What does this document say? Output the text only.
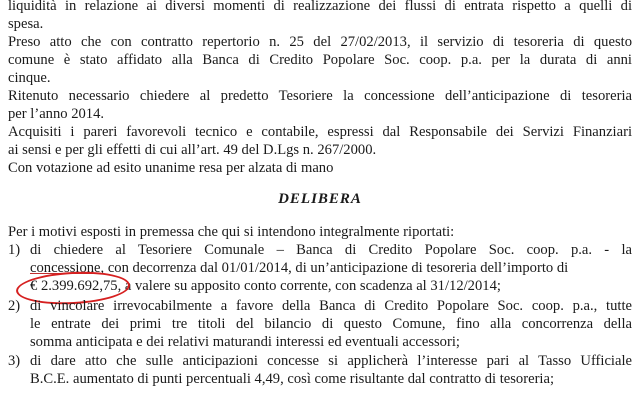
liquidità in relazione ai diversi momenti di realizzazione dei flussi di entrata rispetto a quelli di
spesa.
Preso atto che con contratto repertorio n. 25 del 27/02/2013, il servizio di tesoreria di questo
comune è stato affidato alla Banca di Credito Popolare Soc. coop. p.a. per la durata di anni
cinque.
Ritenuto necessario chiedere al predetto Tesoriere la concessione dell’anticipazione di tesoreria
per l’anno 2014.
Acquisiti i pareri favorevoli tecnico e contabile, espressi dal Responsabile dei Servizi Finanziari
ai sensi e per gli effetti di cui all’art. 49 del D.Lgs n. 267/2000.
Con votazione ad esito unanime resa per alzata di mano
DELIBERA
Per i motivi esposti in premessa che qui si intendono integralmente riportati:
1) di chiedere al Tesoriere Comunale – Banca di Credito Popolare Soc. coop. p.a. - la
concessione, con decorrenza dal 01/01/2014, di un’anticipazione di tesoreria dell’importo di
€ 2.399.692,75, a valere su apposito conto corrente, con scadenza al 31/12/2014;
2) di vincolare irrevocabilmente a favore della Banca di Credito Popolare Soc. coop. p.a., tutte
le entrate dei primi tre titoli del bilancio di questo Comune, fino alla concorrenza della
somma anticipata e dei relativi maturandi interessi ed eventuali accessori;
3) di dare atto che sulle anticipazioni concesse si applicherà l’interesse pari al Tasso Ufficiale
B.C.E. aumentato di punti percentuali 4,49, così come risultante dal contratto di tesoreria;
